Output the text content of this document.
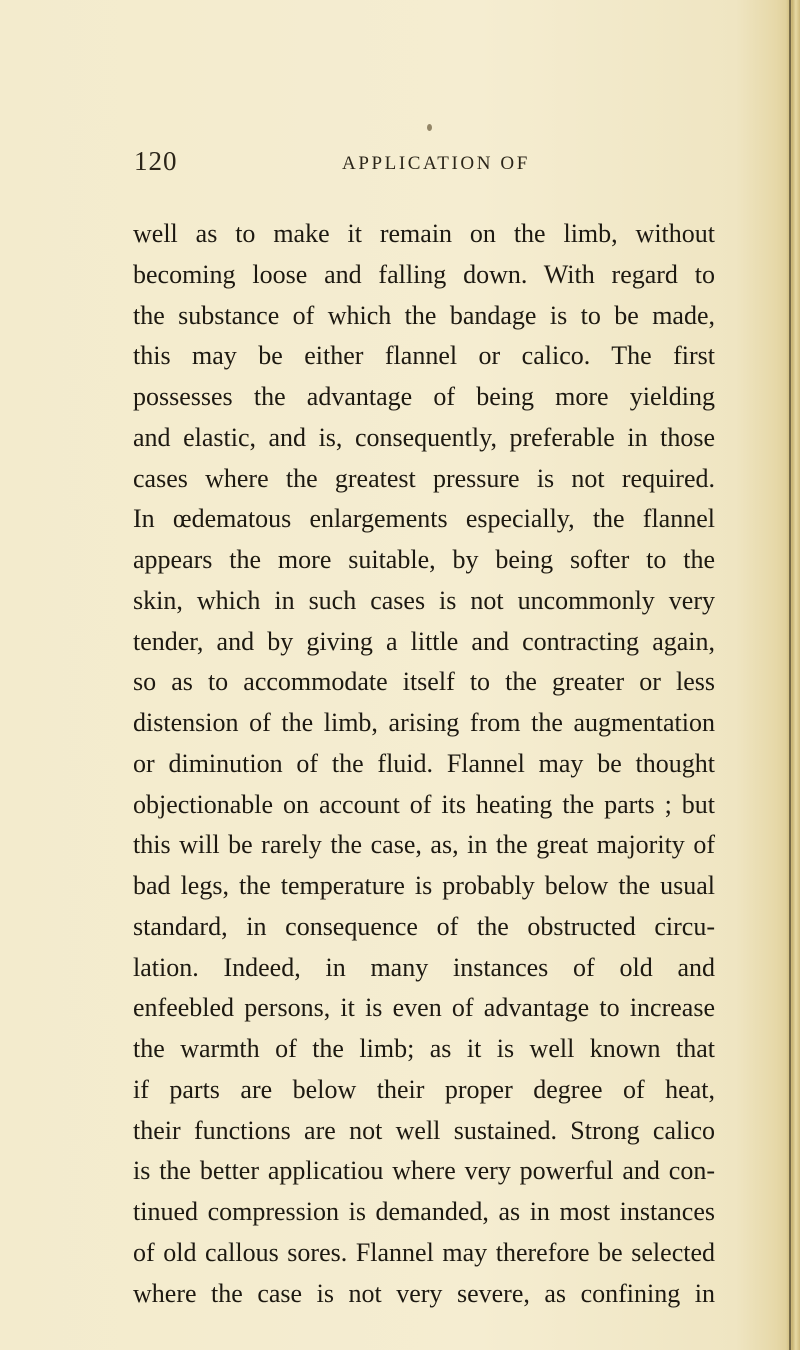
120	APPLICATION OF
well as to make it remain on the limb, without
becoming loose and falling down. With regard to
the substance of which the bandage is to be made,
this may be either flannel or calico. The first
possesses the advantage of being more yielding
and elastic, and is, consequently, preferable in those
cases where the greatest pressure is not required.
In œdematous enlargements especially, the flannel
appears the more suitable, by being softer to the
skin, which in such cases is not uncommonly very
tender, and by giving a little and contracting again,
so as to accommodate itself to the greater or less
distension of the limb, arising from the augmentation
or diminution of the fluid. Flannel may be thought
objectionable on account of its heating the parts ; but
this will be rarely the case, as, in the great majority of
bad legs, the temperature is probably below the usual
standard, in consequence of the obstructed circu-
lation. Indeed, in many instances of old and
enfeebled persons, it is even of advantage to increase
the warmth of the limb; as it is well known that
if parts are below their proper degree of heat,
their functions are not well sustained. Strong calico
is the better applicatiou where very powerful and con-
tinued compression is demanded, as in most instances
of old callous sores. Flannel may therefore be selected
where the case is not very severe, as confining in
